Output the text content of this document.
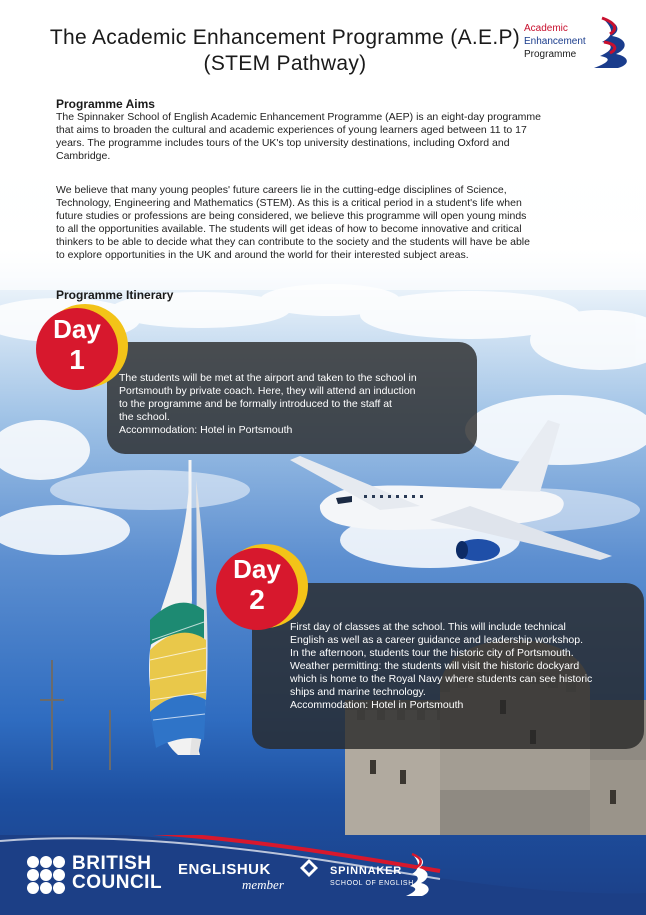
The Academic Enhancement Programme (A.E.P)
(STEM Pathway)
Academic
Enhancement
Programme
Programme Aims
The Spinnaker School of English Academic Enhancement Programme (AEP) is an eight-day programme
that aims to broaden the cultural and academic experiences of young learners aged between 11 to 17
years. The programme includes tours of the UK's top university destinations, including Oxford and
Cambridge.
We believe that many young peoples' future careers lie in the cutting-edge disciplines of Science,
Technology, Engineering and Mathematics (STEM). As this is a critical period in a student's life when
future studies or professions are being considered, we believe this programme will open young minds
to all the opportunities available. The students will get ideas of how to become innovative and critical
thinkers to be able to decide what they can contribute to the society and the students will have be able
to explore opportunities in the UK and around the world for their interested subject areas.
Programme Itinerary
The students will be met at the airport and taken to the school in
Portsmouth by private coach. Here, they will attend an induction
to the programme and be formally introduced to the staff at
the school.
Accommodation: Hotel in Portsmouth
Day
1
First day of classes at the school. This will include technical
English as well as a career guidance and leadership workshop.
In the afternoon, students tour the historic city of Portsmouth.
Weather permitting: the students will visit the historic dockyard
which is home to the Royal Navy where students can see historic
ships and marine technology.
Accommodation: Hotel in Portsmouth
Day
2
BRITISH
COUNCIL
ENGLISHUK
member
SPINNAKER
SCHOOL OF ENGLISH
